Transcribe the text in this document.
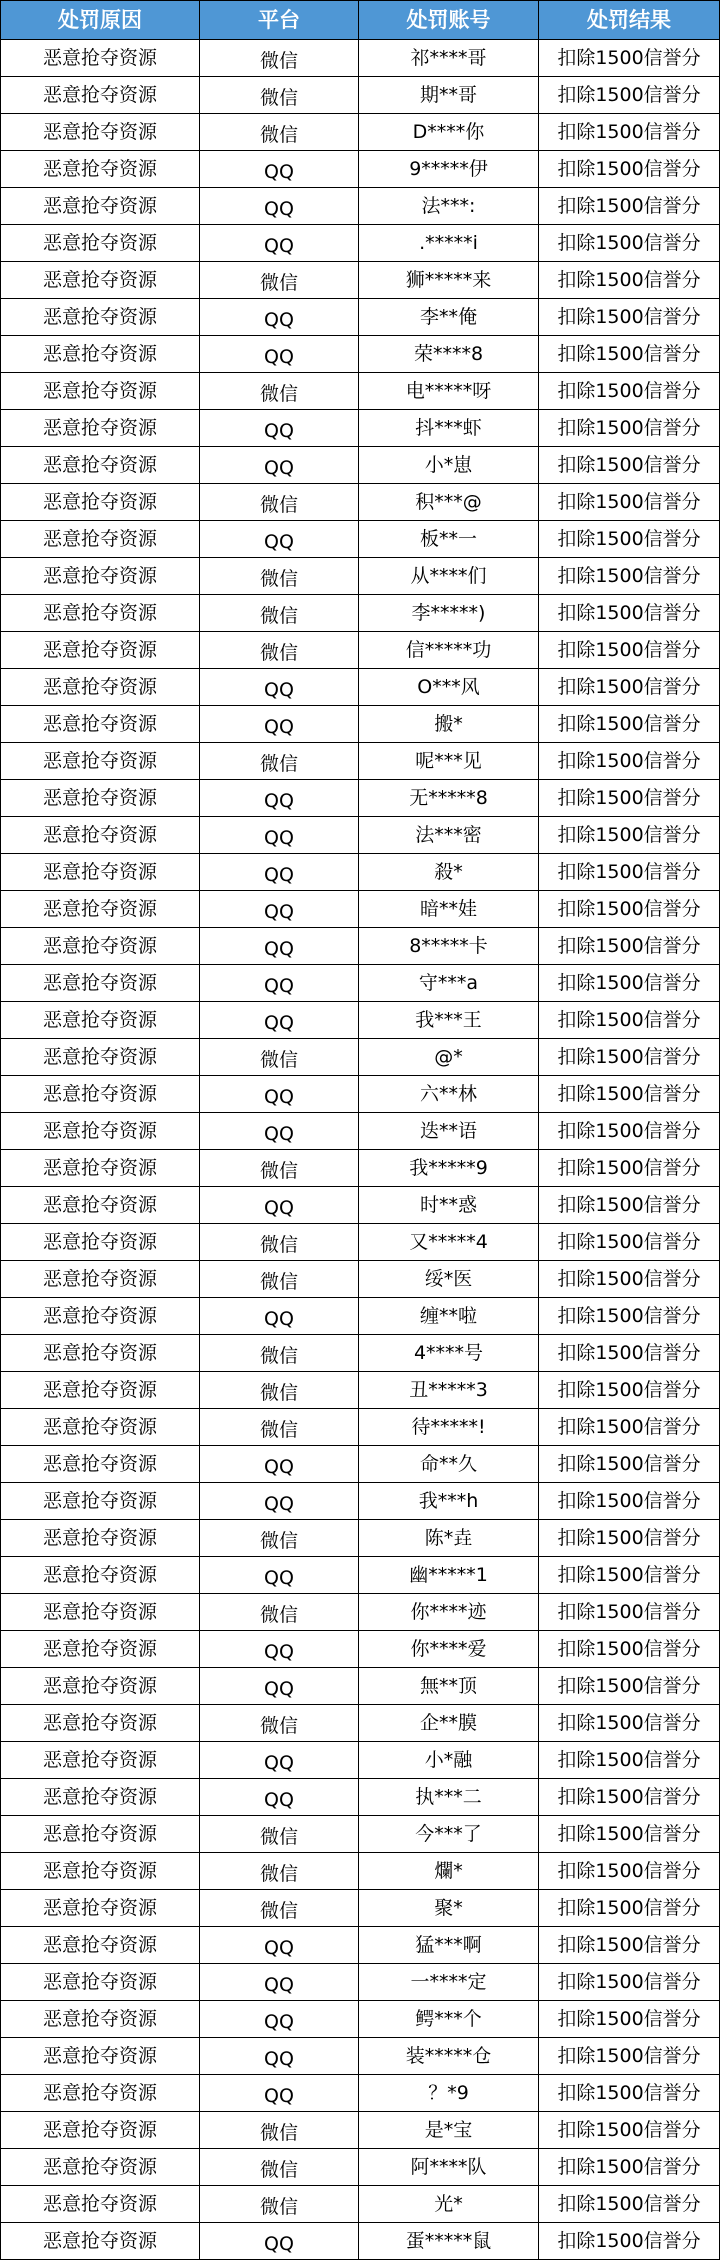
处罚原因	平台	处罚账号	处罚结果
恶意抢夺资源	微信	祁****哥	扣除1500信誉分
恶意抢夺资源	微信	期**哥	扣除1500信誉分
恶意抢夺资源	微信	D****你	扣除1500信誉分
恶意抢夺资源	QQ	9*****伊	扣除1500信誉分
恶意抢夺资源	QQ	法***:	扣除1500信誉分
恶意抢夺资源	QQ	.*****i	扣除1500信誉分
恶意抢夺资源	微信	狮*****来	扣除1500信誉分
恶意抢夺资源	QQ	李**俺	扣除1500信誉分
恶意抢夺资源	QQ	荣****8	扣除1500信誉分
恶意抢夺资源	微信	电*****呀	扣除1500信誉分
恶意抢夺资源	QQ	抖***虾	扣除1500信誉分
恶意抢夺资源	QQ	小*崽	扣除1500信誉分
恶意抢夺资源	微信	积***@	扣除1500信誉分
恶意抢夺资源	QQ	板**一	扣除1500信誉分
恶意抢夺资源	微信	从****们	扣除1500信誉分
恶意抢夺资源	微信	李*****)	扣除1500信誉分
恶意抢夺资源	微信	信*****功	扣除1500信誉分
恶意抢夺资源	QQ	O***风	扣除1500信誉分
恶意抢夺资源	QQ	搬*	扣除1500信誉分
恶意抢夺资源	微信	呢***见	扣除1500信誉分
恶意抢夺资源	QQ	无*****8	扣除1500信誉分
恶意抢夺资源	QQ	法***密	扣除1500信誉分
恶意抢夺资源	QQ	殺*	扣除1500信誉分
恶意抢夺资源	QQ	暗**娃	扣除1500信誉分
恶意抢夺资源	QQ	8*****卡	扣除1500信誉分
恶意抢夺资源	QQ	守***a	扣除1500信誉分
恶意抢夺资源	QQ	我***王	扣除1500信誉分
恶意抢夺资源	微信	@*	扣除1500信誉分
恶意抢夺资源	QQ	六**林	扣除1500信誉分
恶意抢夺资源	QQ	迭**语	扣除1500信誉分
恶意抢夺资源	微信	我*****9	扣除1500信誉分
恶意抢夺资源	QQ	时**惑	扣除1500信誉分
恶意抢夺资源	微信	又*****4	扣除1500信誉分
恶意抢夺资源	微信	绥*医	扣除1500信誉分
恶意抢夺资源	QQ	缠**啦	扣除1500信誉分
恶意抢夺资源	微信	4****号	扣除1500信誉分
恶意抢夺资源	微信	丑*****3	扣除1500信誉分
恶意抢夺资源	微信	待*****!	扣除1500信誉分
恶意抢夺资源	QQ	命**久	扣除1500信誉分
恶意抢夺资源	QQ	我***h	扣除1500信誉分
恶意抢夺资源	微信	陈*垚	扣除1500信誉分
恶意抢夺资源	QQ	幽*****1	扣除1500信誉分
恶意抢夺资源	微信	你****迹	扣除1500信誉分
恶意抢夺资源	QQ	你****爱	扣除1500信誉分
恶意抢夺资源	QQ	無**顶	扣除1500信誉分
恶意抢夺资源	微信	企**膜	扣除1500信誉分
恶意抢夺资源	QQ	小*融	扣除1500信誉分
恶意抢夺资源	QQ	执***二	扣除1500信誉分
恶意抢夺资源	微信	今***了	扣除1500信誉分
恶意抢夺资源	微信	爛*	扣除1500信誉分
恶意抢夺资源	微信	聚*	扣除1500信誉分
恶意抢夺资源	QQ	猛***啊	扣除1500信誉分
恶意抢夺资源	QQ	一****定	扣除1500信誉分
恶意抢夺资源	QQ	鳄***个	扣除1500信誉分
恶意抢夺资源	QQ	装*****仓	扣除1500信誉分
恶意抢夺资源	QQ	？*9	扣除1500信誉分
恶意抢夺资源	微信	是*宝	扣除1500信誉分
恶意抢夺资源	微信	阿****队	扣除1500信誉分
恶意抢夺资源	微信	光*	扣除1500信誉分
恶意抢夺资源	QQ	蛋*****鼠	扣除1500信誉分
